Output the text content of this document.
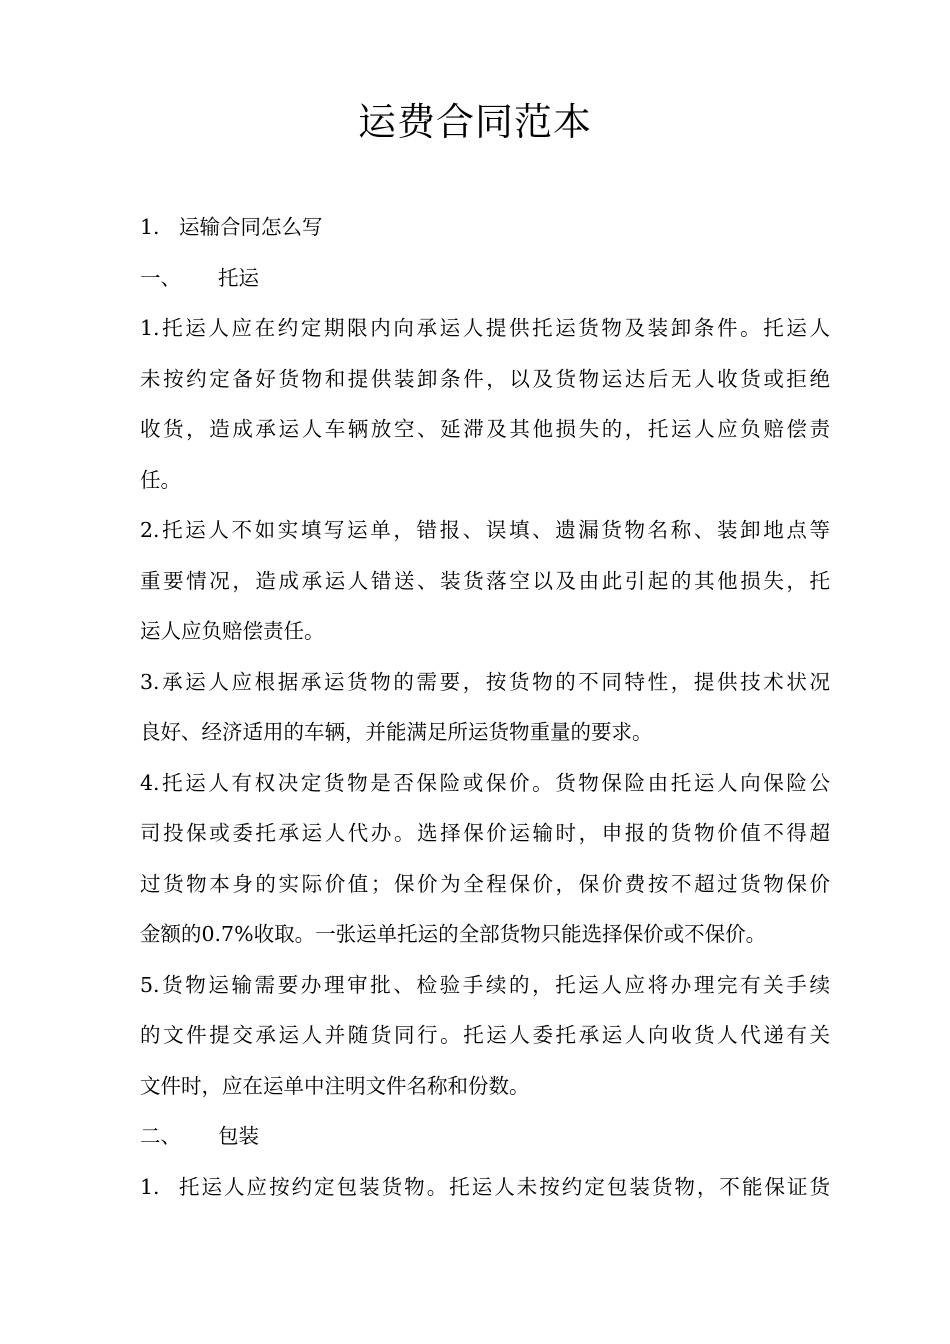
运费合同范本
1. 运输合同怎么写
一、	托运
1.托运人应在约定期限内向承运人提供托运货物及装卸条件。托运人
未按约定备好货物和提供装卸条件，以及货物运达后无人收货或拒绝
收货，造成承运人车辆放空、延滞及其他损失的，托运人应负赔偿责
任。
2.托运人不如实填写运单，错报、误填、遗漏货物名称、装卸地点等
重要情况，造成承运人错送、装货落空以及由此引起的其他损失，托
运人应负赔偿责任。
3.承运人应根据承运货物的需要，按货物的不同特性，提供技术状况
良好、经济适用的车辆，并能满足所运货物重量的要求。
4.托运人有权决定货物是否保险或保价。货物保险由托运人向保险公
司投保或委托承运人代办。选择保价运输时，申报的货物价值不得超
过货物本身的实际价值；保价为全程保价，保价费按不超过货物保价
金额的0.7%收取。一张运单托运的全部货物只能选择保价或不保价。
5.货物运输需要办理审批、检验手续的，托运人应将办理完有关手续
的文件提交承运人并随货同行。托运人委托承运人向收货人代递有关
文件时，应在运单中注明文件名称和份数。
二、	包装
1. 托运人应按约定包装货物。托运人未按约定包装货物，不能保证货
